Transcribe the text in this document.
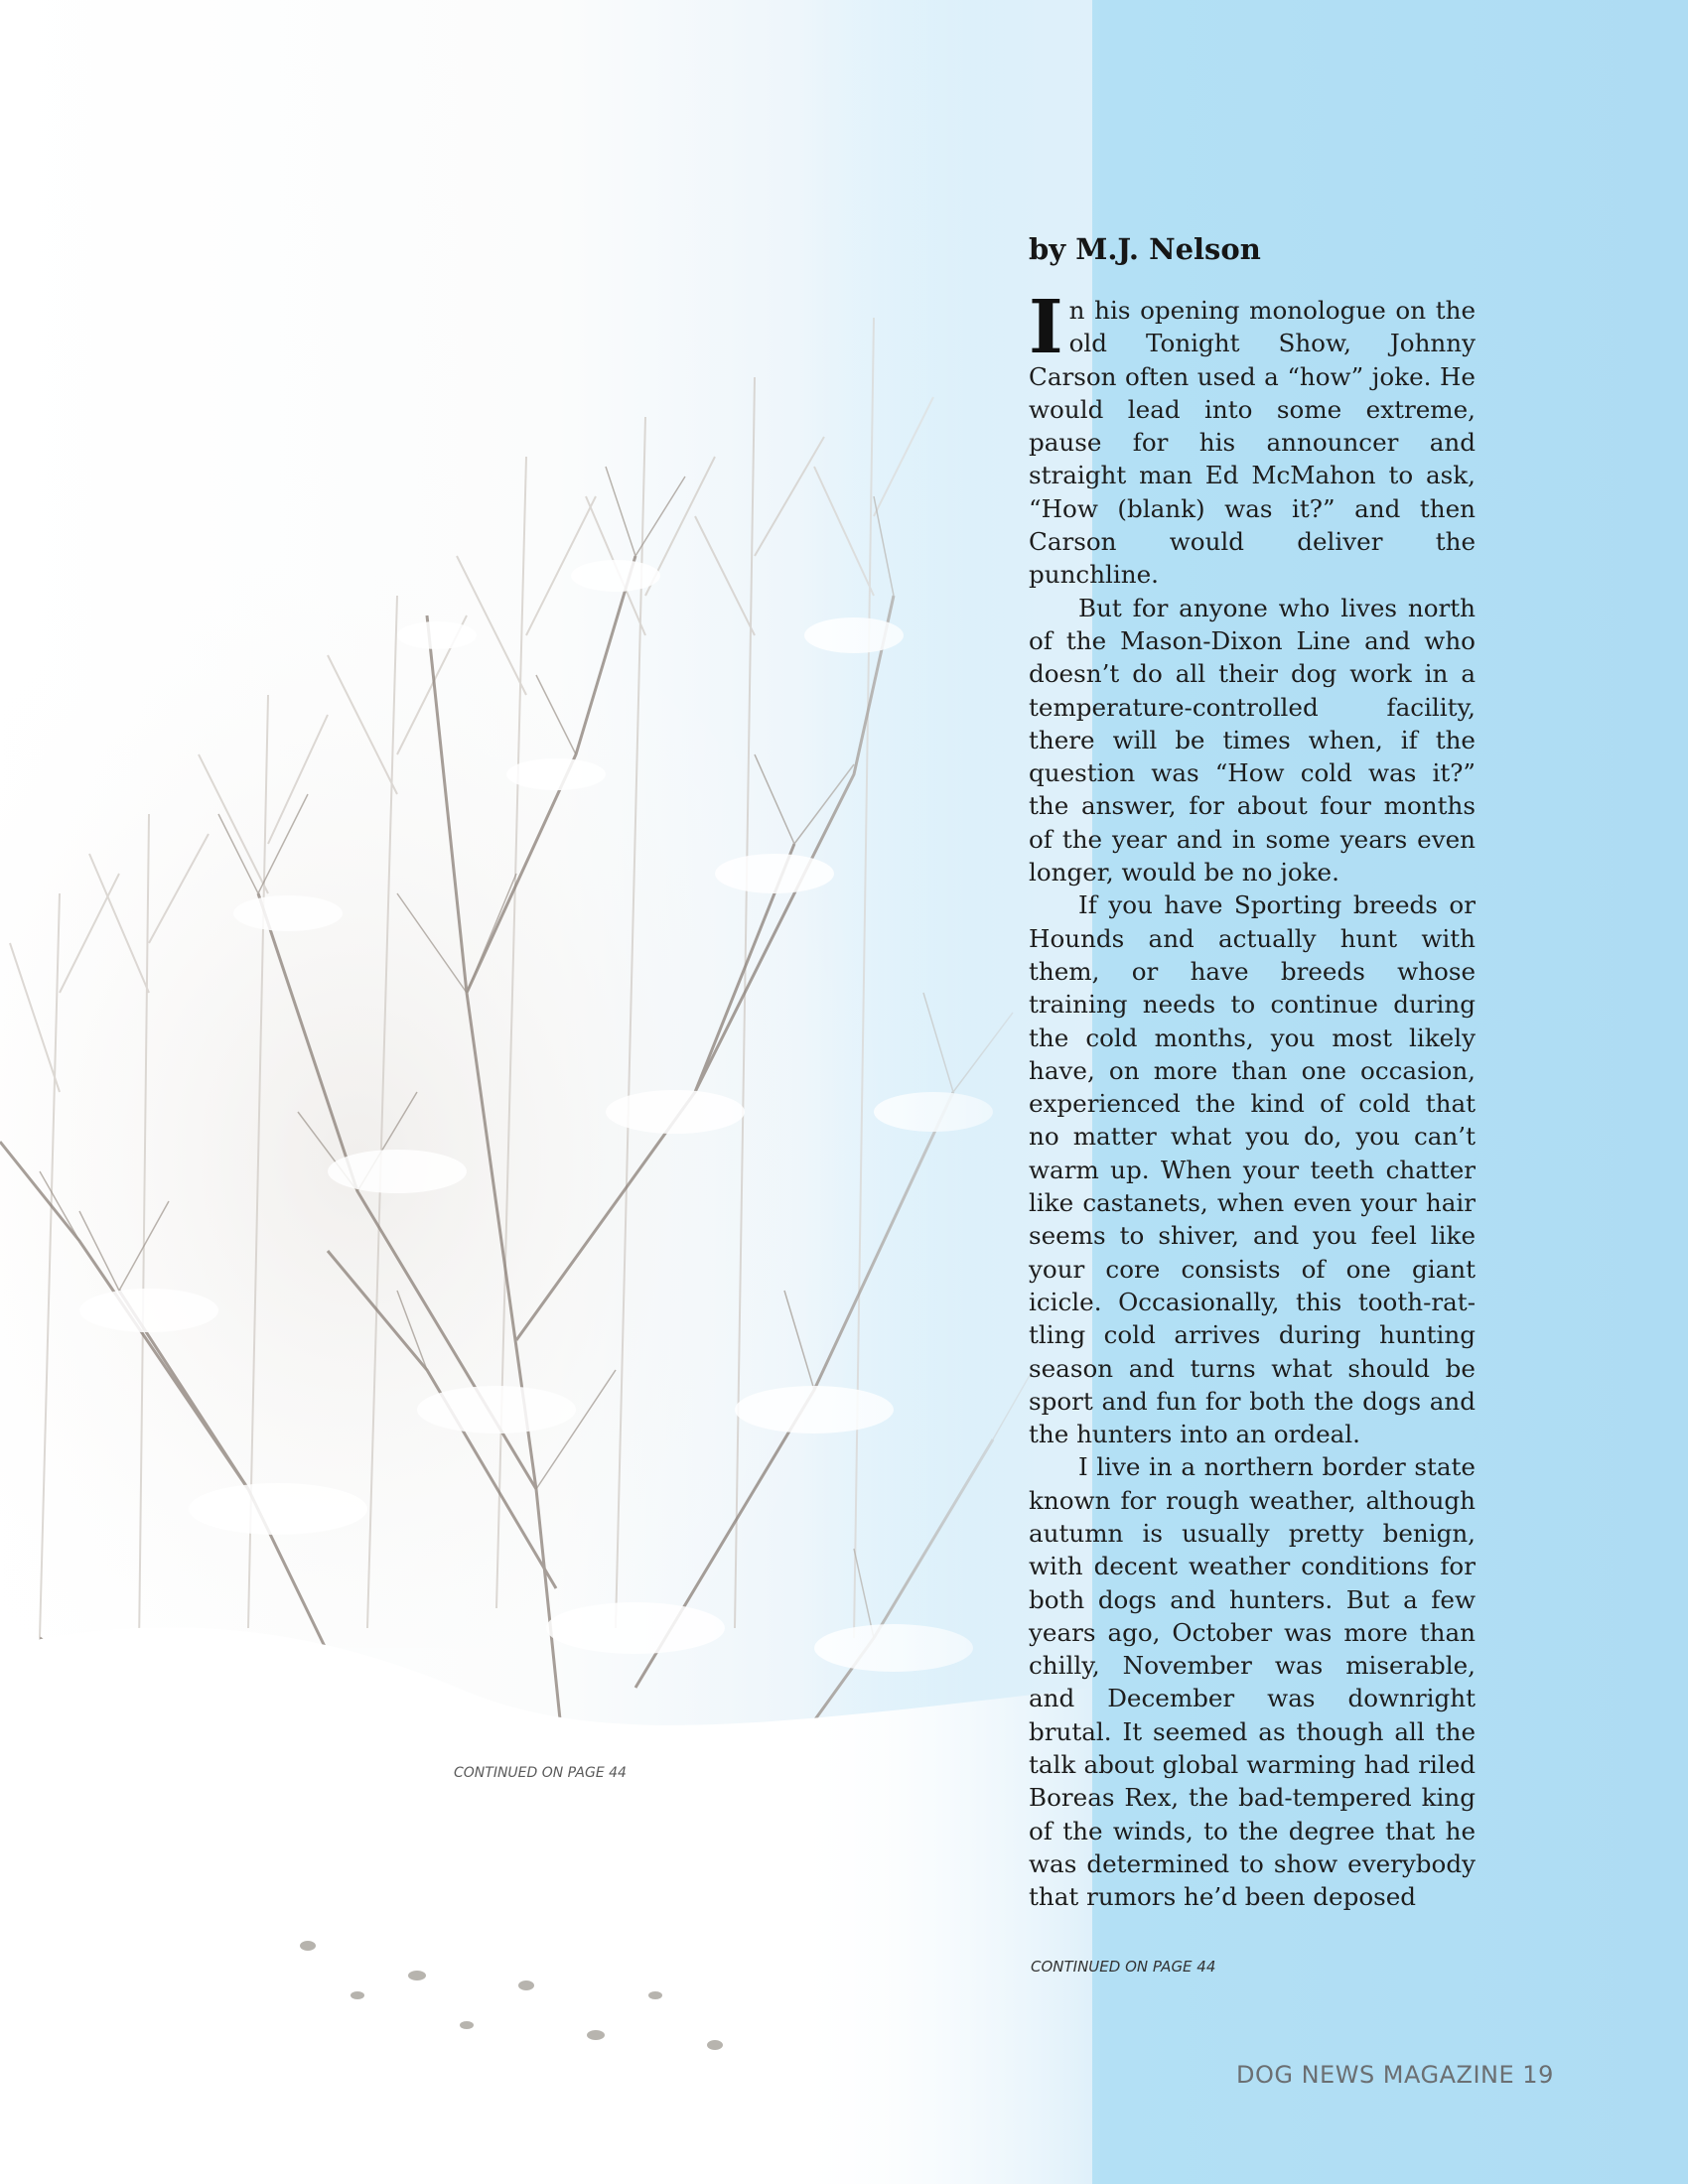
CONTINUED ON PAGE 44
by M.J. Nelson

In his opening monologue on the old Tonight Show, Johnny Carson often used a “how” joke. He would lead into some extreme, pause for his announcer and straight man Ed McMahon to ask, “How (blank) was it?” and then Carson would deliver the punchline.

But for anyone who lives north of the Mason-Dixon Line and who doesn’t do all their dog work in a temperature-controlled facility, there will be times when, if the question was “How cold was it?” the answer, for about four months of the year and in some years even longer, would be no joke.

If you have Sporting breeds or Hounds and actually hunt with them, or have breeds whose training needs to continue during the cold months, you most likely have, on more than one occasion, experienced the kind of cold that no matter what you do, you can’t warm up. When your teeth chatter like castanets, when even your hair seems to shiver, and you feel like your core consists of one giant icicle. Occasionally, this tooth-rattling cold arrives during hunting season and turns what should be sport and fun for both the dogs and the hunters into an ordeal.

I live in a northern border state known for rough weather, although autumn is usually pretty benign, with decent weather conditions for both dogs and hunters. But a few years ago, October was more than chilly, November was miserable, and December was downright brutal. It seemed as though all the talk about global warming had riled Boreas Rex, the bad-tempered king of the winds, to the degree that he was determined to show everybody that rumors he’d been deposed

CONTINUED ON PAGE 44
DOG NEWS MAGAZINE 19
